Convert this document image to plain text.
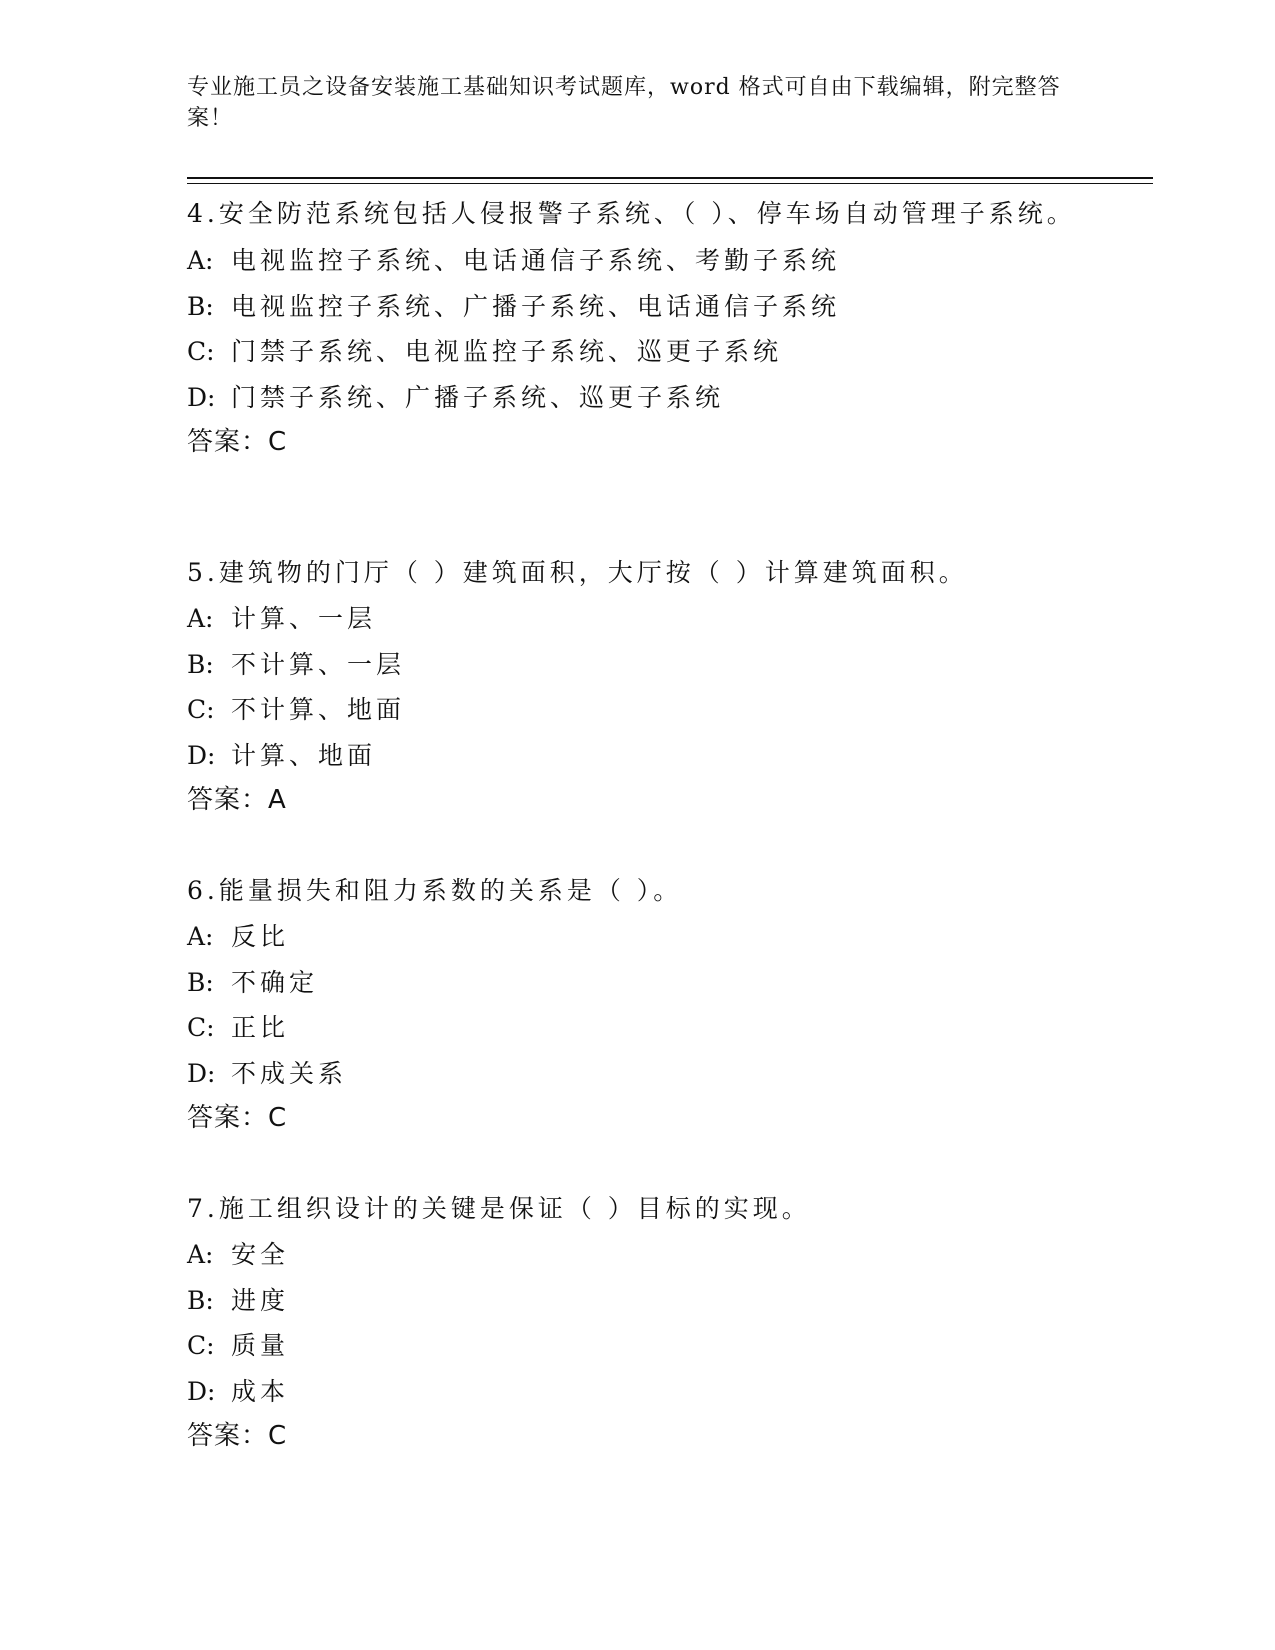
专业施工员之设备安装施工基础知识考试题库，word 格式可自由下载编辑，附完整答案！

4.安全防范系统包括人侵报警子系统、（ ）、停车场自动管理子系统。

A: 电视监控子系统、电话通信子系统、考勤子系统
B: 电视监控子系统、广播子系统、电话通信子系统
C: 门禁子系统、电视监控子系统、巡更子系统
D: 门禁子系统、广播子系统、巡更子系统
答案：C

5.建筑物的门厅（ ）建筑面积，大厅按（ ）计算建筑面积。

A: 计算、一层
B: 不计算、一层
C: 不计算、地面
D: 计算、地面
答案：A

6.能量损失和阻力系数的关系是（ ）。

A: 反比
B: 不确定
C: 正比
D: 不成关系
答案：C

7.施工组织设计的关键是保证（ ）目标的实现。

A: 安全
B: 进度
C: 质量
D: 成本
答案：C
